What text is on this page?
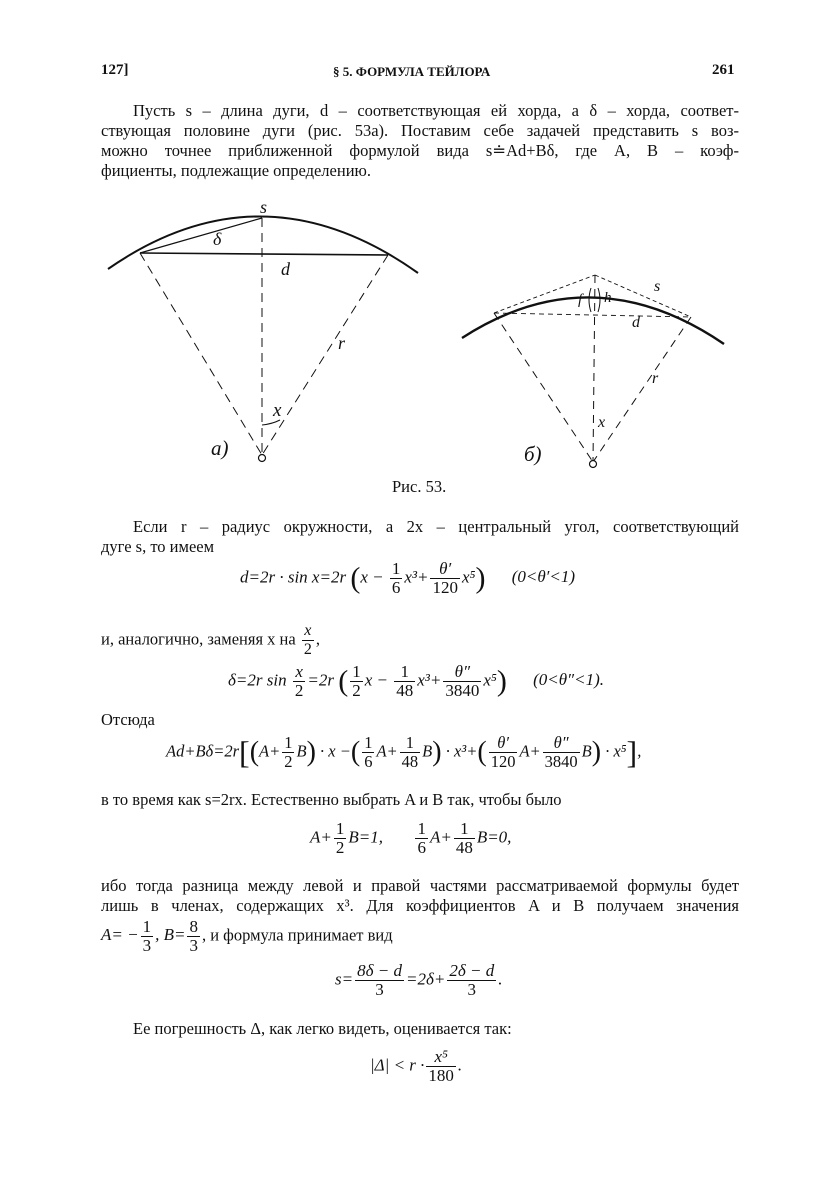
127]	§ 5. ФОРМУЛА ТЕЙЛОРА	261
Пусть s – длина дуги, d – соответствующая ей хорда, а δ – хорда, соответ-
ствующая половине дуги (рис. 53а). Поставим себе задачей представить s воз-
можно точнее приближенной формулой вида s≐Ad+Bδ, где A, B – коэф-
фициенты, подлежащие определению.
s
δ
d
r
x
a)
f h
s
d
r
x
б)
Рис. 53.
Если r – радиус окружности, а 2x – центральный угол, соответствующий
дуге s, то имеем
d=2r · sin x=2r $(x - \frac{1}{6} x^3+ \frac{\theta'}{120} x^5)$ (0<θ′<1)
и, аналогично, заменяя x на $\frac{x}{2}$ ,
δ=2r $\sin \frac{x}{2} =2r$ ( $\frac{1}{2}$ $x - \frac{1}{48} x^3+ \frac{\theta''}{3840} x^5$) (0<θ″<1).
Отсюда
$Ad+B\delta=2r[(A+ \frac{1}{2} B) \cdot x$ −( $\frac{1}{6} A+ \frac{1}{48} B) \cdot x^3+( \frac{\theta'}{120} A+ \frac{\theta''}{3840} B) \cdot x^5$],
в то время как s=2rx. Естественно выбрать A и B так, чтобы было
$A+ \frac{1}{2} B=1$, $\frac{1}{6} A+ \frac{1}{48} B=0$,
ибо тогда разница между левой и правой частями рассматриваемой формулы будет
лишь в членах, содержащих x³. Для коэффициентов A и B получаем значения
$A= - \frac{1}{3}$ , $B= \frac{8}{3}$ , и формула принимает вид
$s= \frac{8\delta - d}{3} =2\delta+ \frac{2\delta - d}{3}$ .
Ее погрешность Δ, как легко видеть, оценивается так:
$|\Delta| < r \cdot \frac{\text{x⁵}}{180}$ .
